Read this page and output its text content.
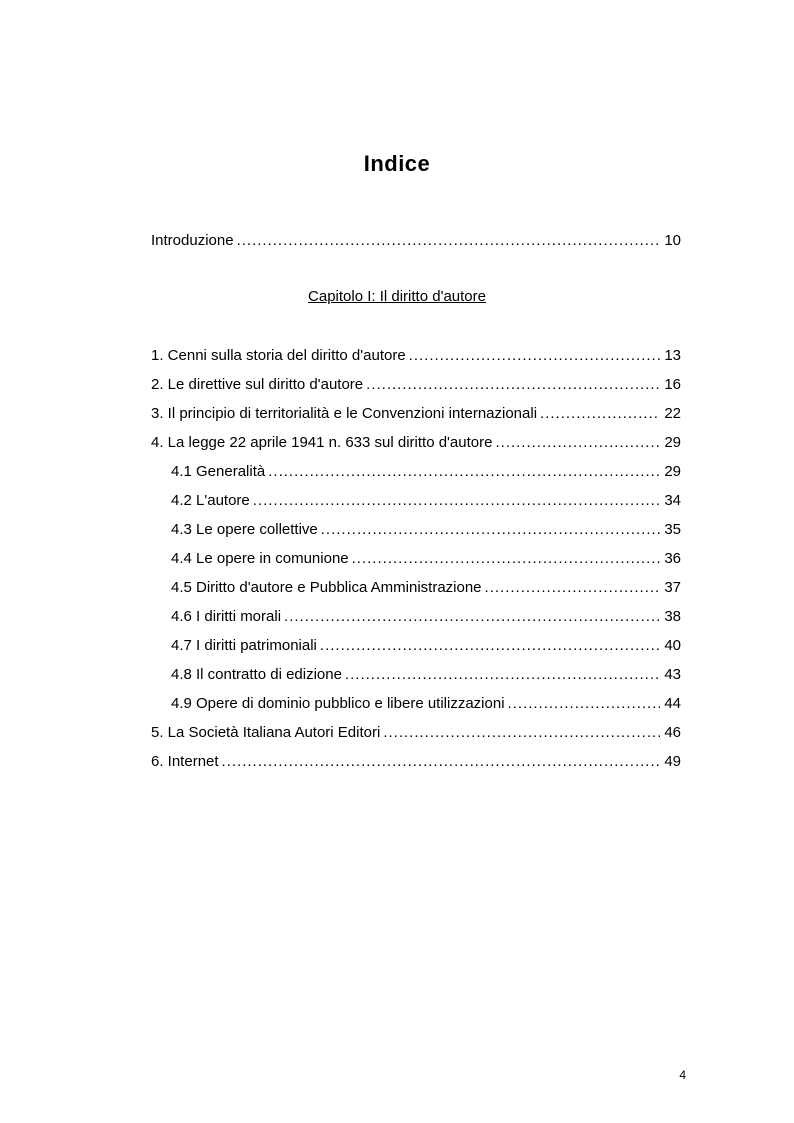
Indice
Introduzione .....	10
Capitolo I: Il diritto d'autore
1. Cenni sulla storia del diritto d'autore .....	13
2. Le direttive sul diritto d'autore .....	16
3. Il principio di territorialità e le Convenzioni internazionali .....	22
4. La legge 22 aprile 1941 n. 633 sul diritto d'autore .....	29
4.1 Generalità .....	29
4.2 L'autore .....	34
4.3 Le opere collettive .....	35
4.4 Le opere in comunione .....	36
4.5 Diritto d'autore e Pubblica Amministrazione .....	37
4.6 I diritti morali .....	38
4.7 I diritti patrimoniali .....	40
4.8 Il contratto di edizione .....	43
4.9 Opere di dominio pubblico e libere utilizzazioni .....	44
5. La Società Italiana Autori Editori .....	46
6. Internet .....	49
4
